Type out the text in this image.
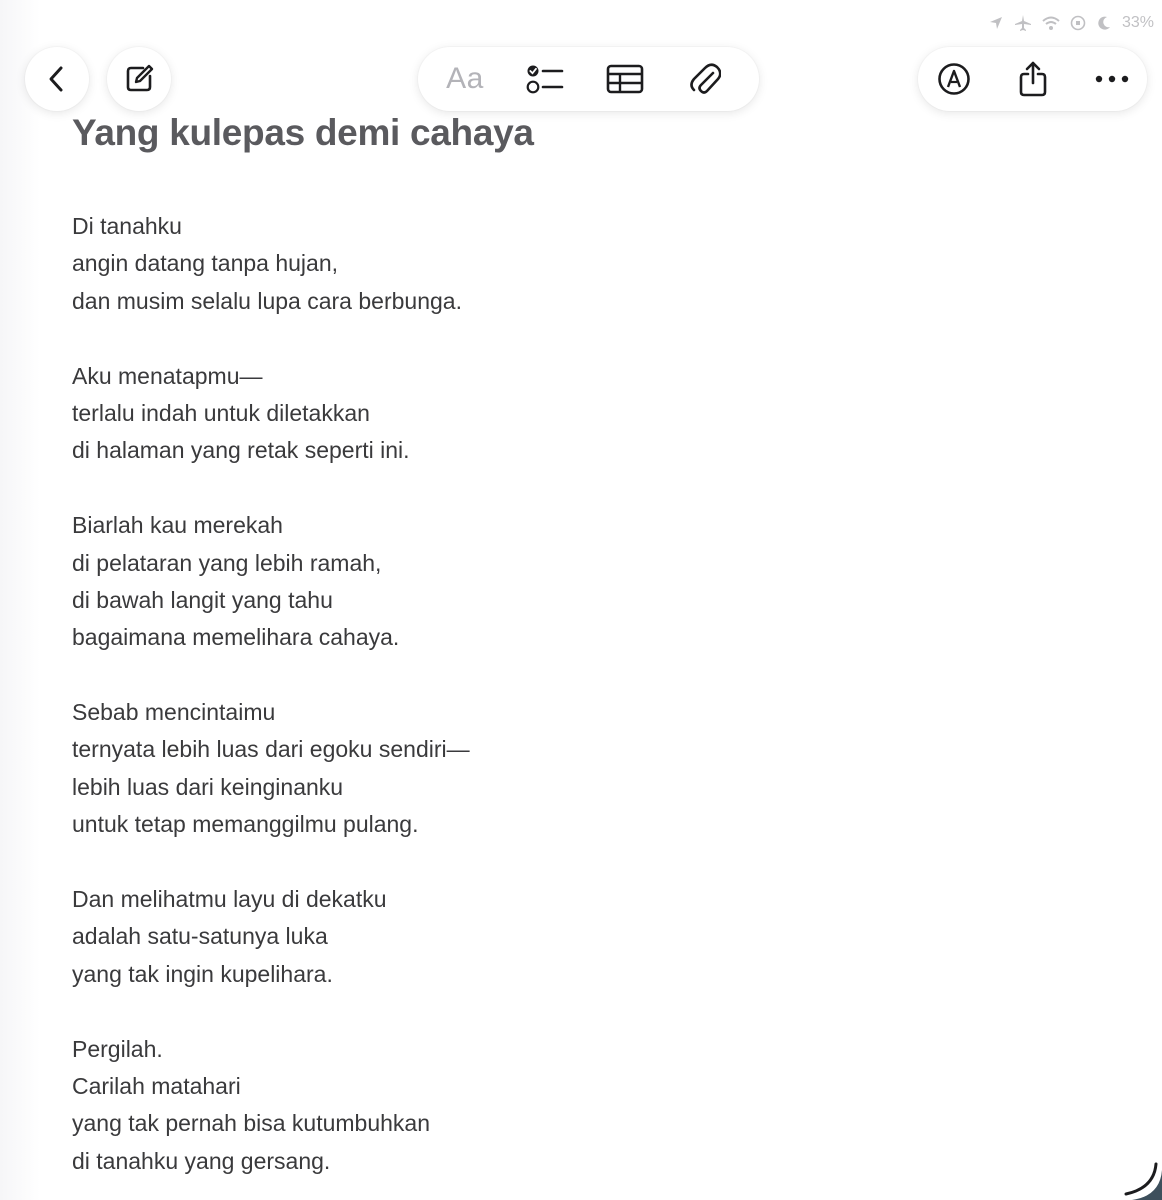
33%
Aa
Yang kulepas demi cahaya
Di tanahku
angin datang tanpa hujan,
dan musim selalu lupa cara berbunga.
Aku menatapmu—
terlalu indah untuk diletakkan
di halaman yang retak seperti ini.
Biarlah kau merekah
di pelataran yang lebih ramah,
di bawah langit yang tahu
bagaimana memelihara cahaya.
Sebab mencintaimu
ternyata lebih luas dari egoku sendiri—
lebih luas dari keinginanku
untuk tetap memanggilmu pulang.
Dan melihatmu layu di dekatku
adalah satu-satunya luka
yang tak ingin kupelihara.
Pergilah.
Carilah matahari
yang tak pernah bisa kutumbuhkan
di tanahku yang gersang.
